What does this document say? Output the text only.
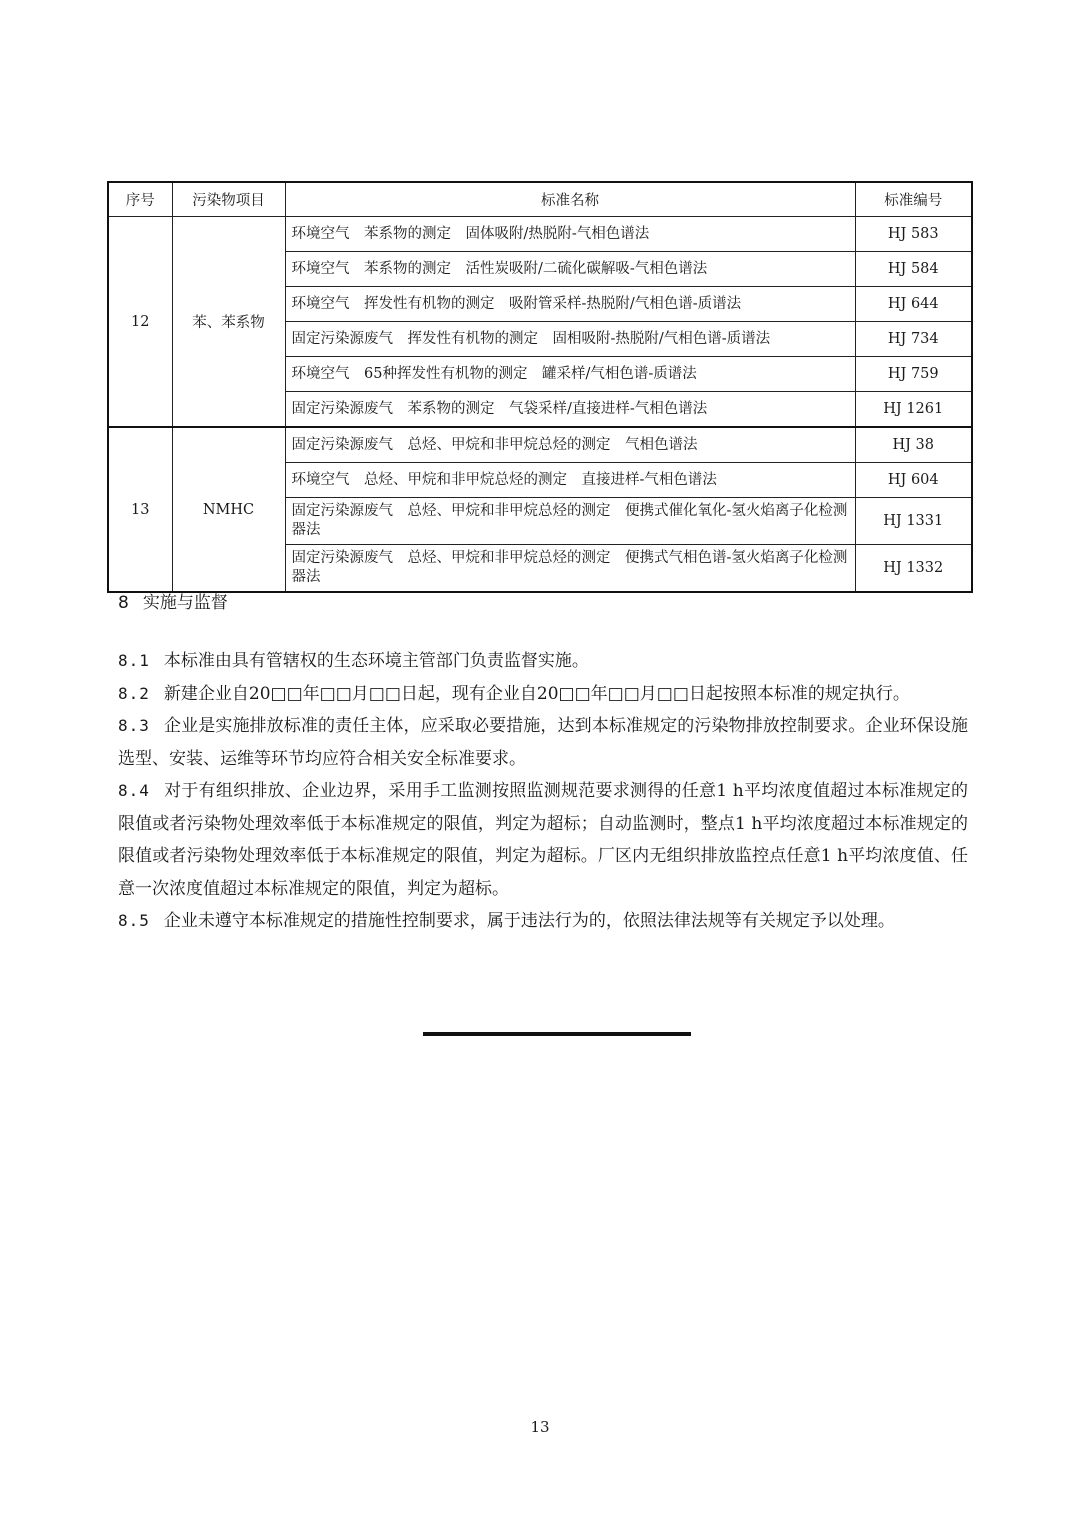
序号	污染物项目	标准名称	标准编号
12	苯、苯系物	环境空气　苯系物的测定　固体吸附/热脱附-气相色谱法	HJ 583
		环境空气　苯系物的测定　活性炭吸附/二硫化碳解吸-气相色谱法	HJ 584
		环境空气　挥发性有机物的测定　吸附管采样-热脱附/气相色谱-质谱法	HJ 644
		固定污染源废气　挥发性有机物的测定　固相吸附-热脱附/气相色谱-质谱法	HJ 734
		环境空气　65种挥发性有机物的测定　罐采样/气相色谱-质谱法	HJ 759
		固定污染源废气　苯系物的测定　气袋采样/直接进样-气相色谱法	HJ 1261
13	NMHC	固定污染源废气　总烃、甲烷和非甲烷总烃的测定　气相色谱法	HJ 38
		环境空气　总烃、甲烷和非甲烷总烃的测定　直接进样-气相色谱法	HJ 604
		固定污染源废气　总烃、甲烷和非甲烷总烃的测定　便携式催化氧化-氢火焰离子化检测器法	HJ 1331
		固定污染源废气　总烃、甲烷和非甲烷总烃的测定　便携式气相色谱-氢火焰离子化检测器法	HJ 1332
8 实施与监督

8.1 本标准由具有管辖权的生态环境主管部门负责监督实施。

8.2 新建企业自20□□年□□月□□日起，现有企业自20□□年□□月□□日起按照本标准的规定执行。

8.3 企业是实施排放标准的责任主体，应采取必要措施，达到本标准规定的污染物排放控制要求。企业环保设施选型、安装、运维等环节均应符合相关安全标准要求。

8.4 对于有组织排放、企业边界，采用手工监测按照监测规范要求测得的任意1 h平均浓度值超过本标准规定的限值或者污染物处理效率低于本标准规定的限值，判定为超标；自动监测时，整点1 h平均浓度超过本标准规定的限值或者污染物处理效率低于本标准规定的限值，判定为超标。厂区内无组织排放监控点任意1 h平均浓度值、任意一次浓度值超过本标准规定的限值，判定为超标。

8.5 企业未遵守本标准规定的措施性控制要求，属于违法行为的，依照法律法规等有关规定予以处理。

13
